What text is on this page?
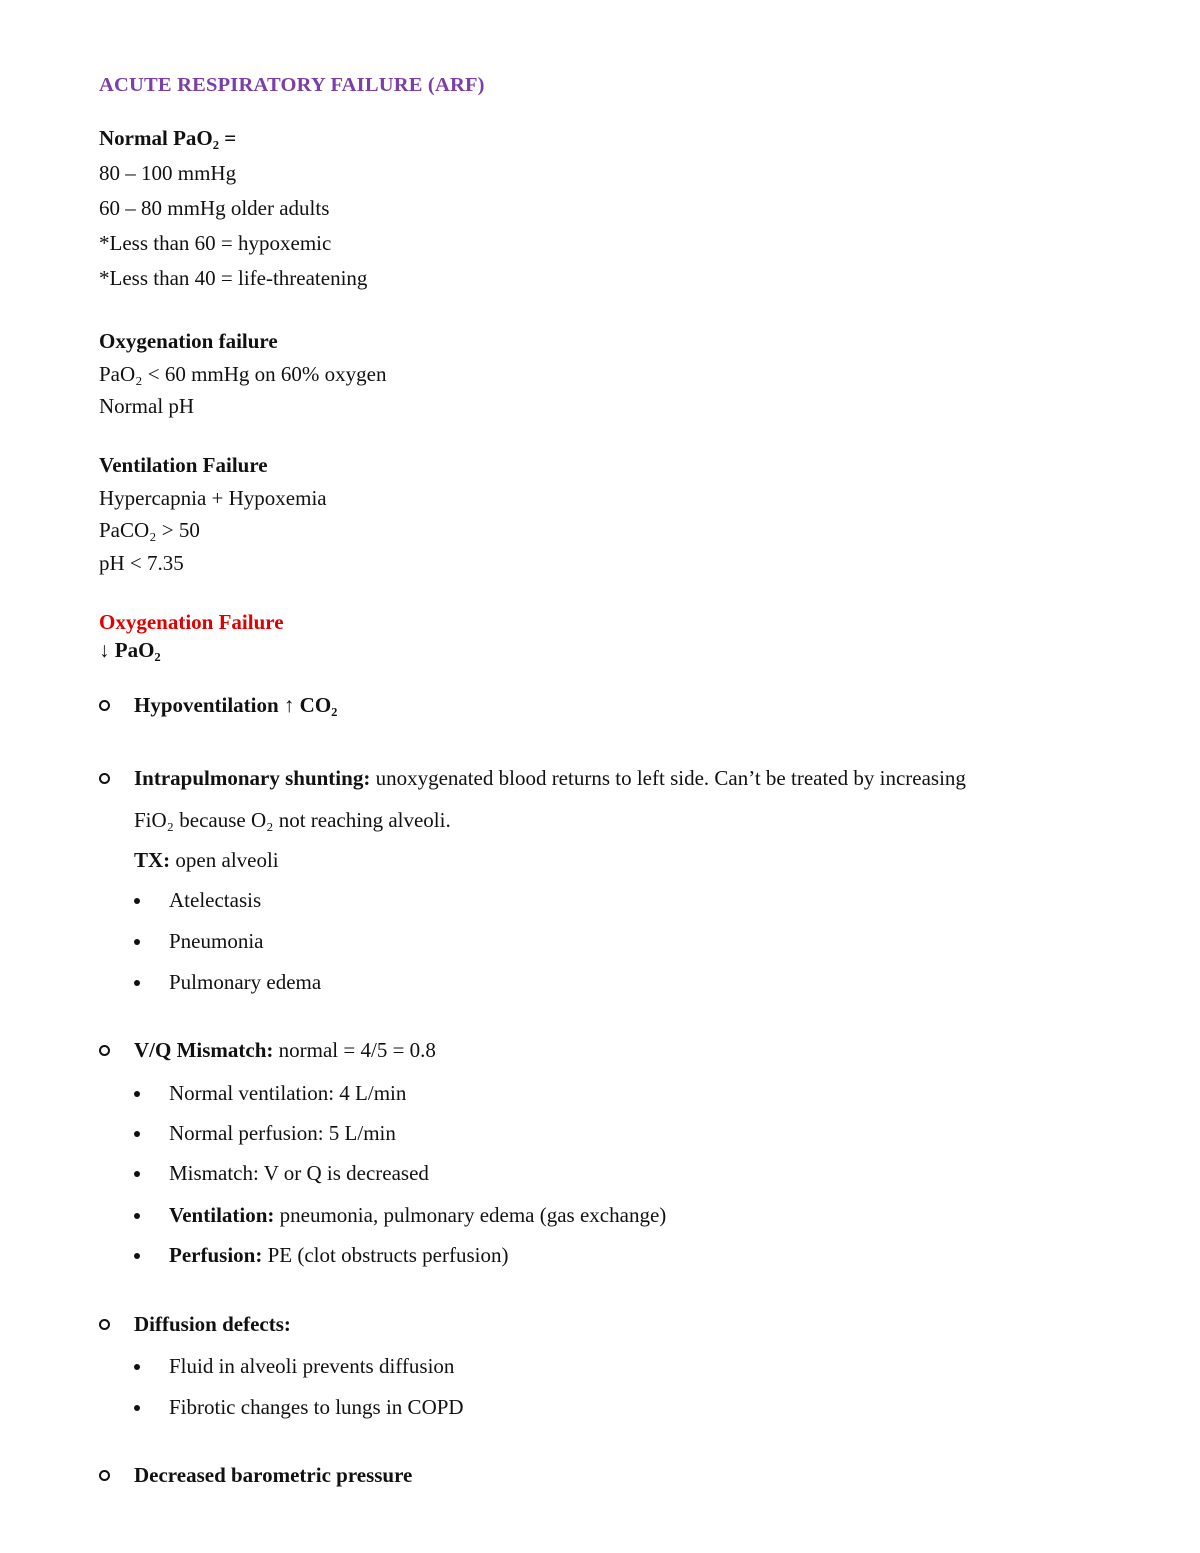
ACUTE RESPIRATORY FAILURE (ARF)
Normal PaO₂ =
80 – 100 mmHg
60 – 80 mmHg older adults
*Less than 60 = hypoxemic
*Less than 40 = life-threatening
Oxygenation failure
PaO₂ < 60 mmHg on 60% oxygen
Normal pH
Ventilation Failure
Hypercapnia + Hypoxemia
PaCO₂ > 50
pH < 7.35
Oxygenation Failure
↓ PaO₂
Hypoventilation ↑ CO₂
Intrapulmonary shunting: unoxygenated blood returns to left side. Can’t be treated by increasing
FiO₂ because O₂ not reaching alveoli.
TX: open alveoli
Atelectasis
Pneumonia
Pulmonary edema
V/Q Mismatch: normal = 4/5 = 0.8
Normal ventilation: 4 L/min
Normal perfusion: 5 L/min
Mismatch: V or Q is decreased
Ventilation: pneumonia, pulmonary edema (gas exchange)
Perfusion: PE (clot obstructs perfusion)
Diffusion defects:
Fluid in alveoli prevents diffusion
Fibrotic changes to lungs in COPD
Decreased barometric pressure
